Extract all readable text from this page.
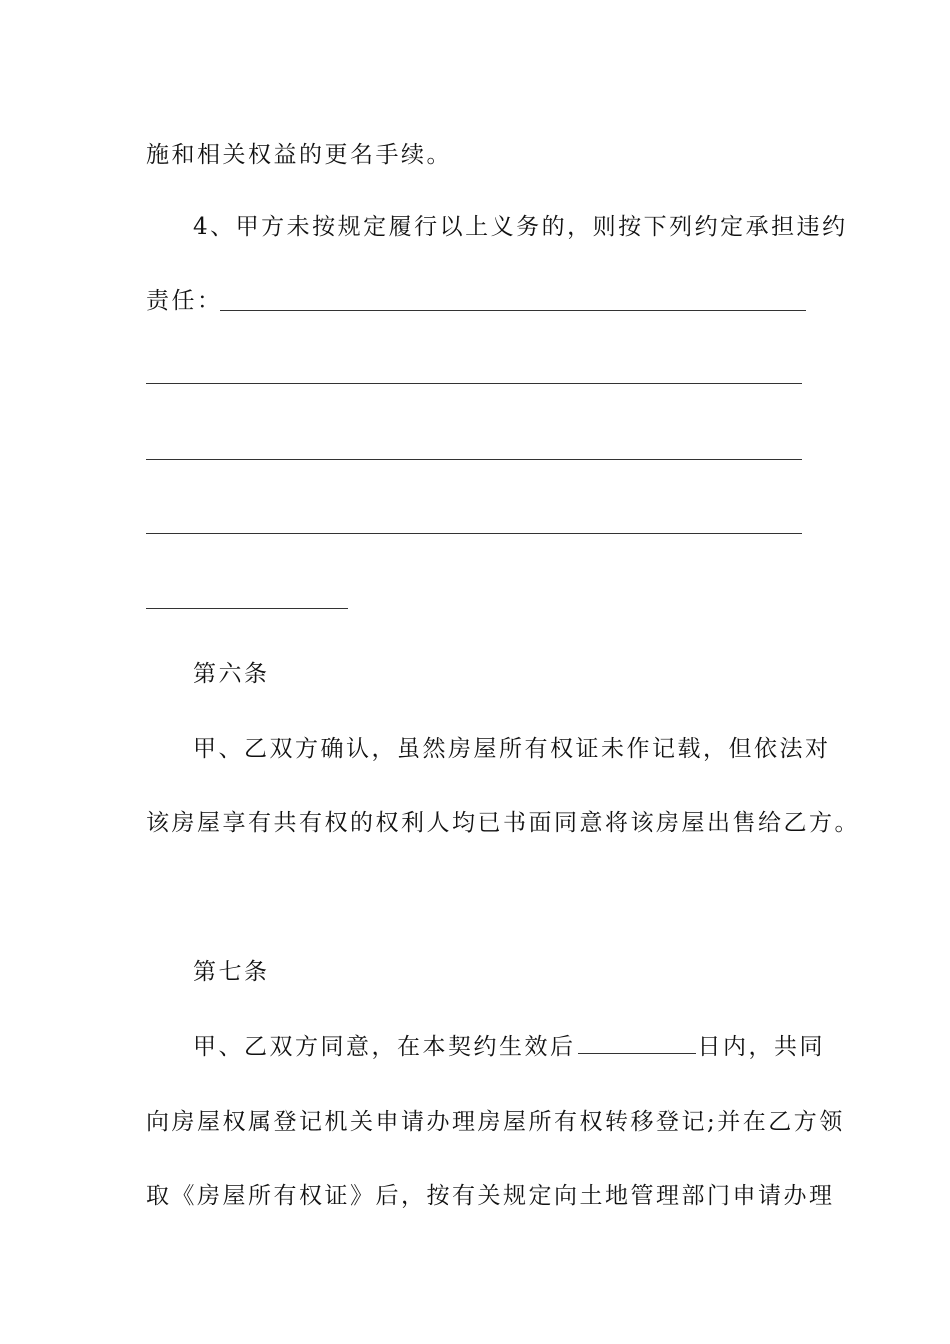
施和相关权益的更名手续。
4、甲方未按规定履行以上义务的，则按下列约定承担违约
责任：
第六条
甲、乙双方确认，虽然房屋所有权证未作记载，但依法对
该房屋享有共有权的权利人均已书面同意将该房屋出售给乙方。
第七条
甲、乙双方同意，在本契约生效后	日内，共同
向房屋权属登记机关申请办理房屋所有权转移登记;并在乙方领
取《房屋所有权证》后，按有关规定向土地管理部门申请办理
